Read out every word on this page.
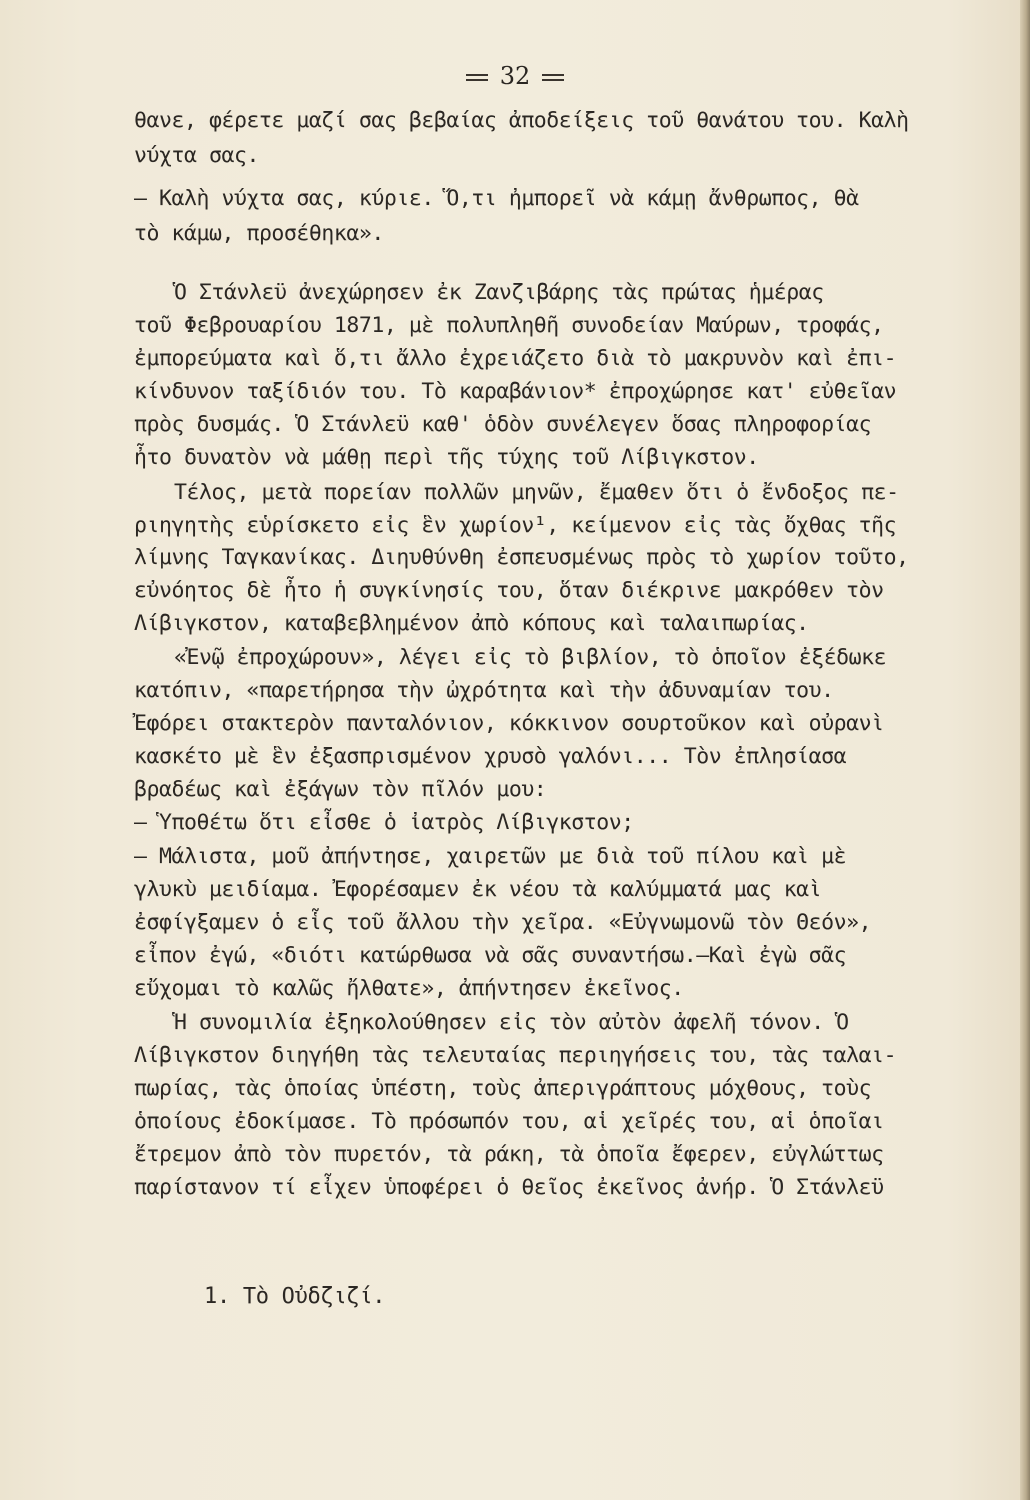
32
θανε, φέρετε μαζί σας βεβαίας ἀποδείξεις τοῦ θανάτου του. Καλὴ
νύχτα σας.
— Καλὴ νύχτα σας, κύριε. Ὅ,τι ἠμπορεῖ νὰ κάμῃ ἄνθρωπος, θὰ
τὸ κάμω, προσέθηκα».
Ὁ Στάνλεϋ ἀνεχώρησεν ἐκ Ζανζιβάρης τὰς πρώτας ἡμέρας
τοῦ Φεβρουαρίου 1871, μὲ πολυπληθῆ συνοδείαν Μαύρων, τροφάς,
ἐμπορεύματα καὶ ὅ,τι ἄλλο ἐχρειάζετο διὰ τὸ μακρυνὸν καὶ ἐπι-
κίνδυνον ταξίδιόν του. Τὸ καραβάνιον* ἐπροχώρησε κατ' εὐθεῖαν
πρὸς δυσμάς. Ὁ Στάνλεϋ καθ' ὁδὸν συνέλεγεν ὅσας πληροφορίας
ἦτο δυνατὸν νὰ μάθῃ περὶ τῆς τύχης τοῦ Λίβιγκστον.
Τέλος, μετὰ πορείαν πολλῶν μηνῶν, ἔμαθεν ὅτι ὁ ἔνδοξος πε-
ριηγητὴς εὑρίσκετο εἰς ἓν χωρίον¹, κείμενον εἰς τὰς ὄχθας τῆς
λίμνης Ταγκανίκας. Διηυθύνθη ἐσπευσμένως πρὸς τὸ χωρίον τοῦτο,
εὐνόητος δὲ ἦτο ἡ συγκίνησίς του, ὅταν διέκρινε μακρόθεν τὸν
Λίβιγκστον, καταβεβλημένον ἀπὸ κόπους καὶ ταλαιπωρίας.
«Ἐνῷ ἐπροχώρουν», λέγει εἰς τὸ βιβλίον, τὸ ὁποῖον ἐξέδωκε
κατόπιν, «παρετήρησα τὴν ὠχρότητα καὶ τὴν ἀδυναμίαν του.
Ἐφόρει στακτερὸν πανταλόνιον, κόκκινον σουρτοῦκον καὶ οὐρανὶ
κασκέτο μὲ ἓν ἐξασπρισμένον χρυσὸ γαλόνι... Τὸν ἐπλησίασα
βραδέως καὶ ἐξάγων τὸν πῖλόν μου:
— Ὑποθέτω ὅτι εἶσθε ὁ ἰατρὸς Λίβιγκστον;
— Μάλιστα, μοῦ ἀπήντησε, χαιρετῶν με διὰ τοῦ πίλου καὶ μὲ
γλυκὺ μειδίαμα. Ἐφορέσαμεν ἐκ νέου τὰ καλύμματά μας καὶ
ἐσφίγξαμεν ὁ εἷς τοῦ ἄλλου τὴν χεῖρα. «Εὐγνωμονῶ τὸν Θεόν»,
εἶπον ἐγώ, «διότι κατώρθωσα νὰ σᾶς συναντήσω.—Καὶ ἐγὼ σᾶς
εὔχομαι τὸ καλῶς ἤλθατε», ἀπήντησεν ἐκεῖνος.
Ἡ συνομιλία ἐξηκολούθησεν εἰς τὸν αὐτὸν ἀφελῆ τόνον. Ὁ
Λίβιγκστον διηγήθη τὰς τελευταίας περιηγήσεις του, τὰς ταλαι-
πωρίας, τὰς ὁποίας ὑπέστη, τοὺς ἀπεριγράπτους μόχθους, τοὺς
ὁποίους ἐδοκίμασε. Τὸ πρόσωπόν του, αἱ χεῖρές του, αἱ ὁποῖαι
ἔτρεμον ἀπὸ τὸν πυρετόν, τὰ ράκη, τὰ ὁποῖα ἔφερεν, εὐγλώττως
παρίστανον τί εἶχεν ὑποφέρει ὁ θεῖος ἐκεῖνος ἀνήρ. Ὁ Στάνλεϋ
1. Τὸ Οὐδζιζί.
